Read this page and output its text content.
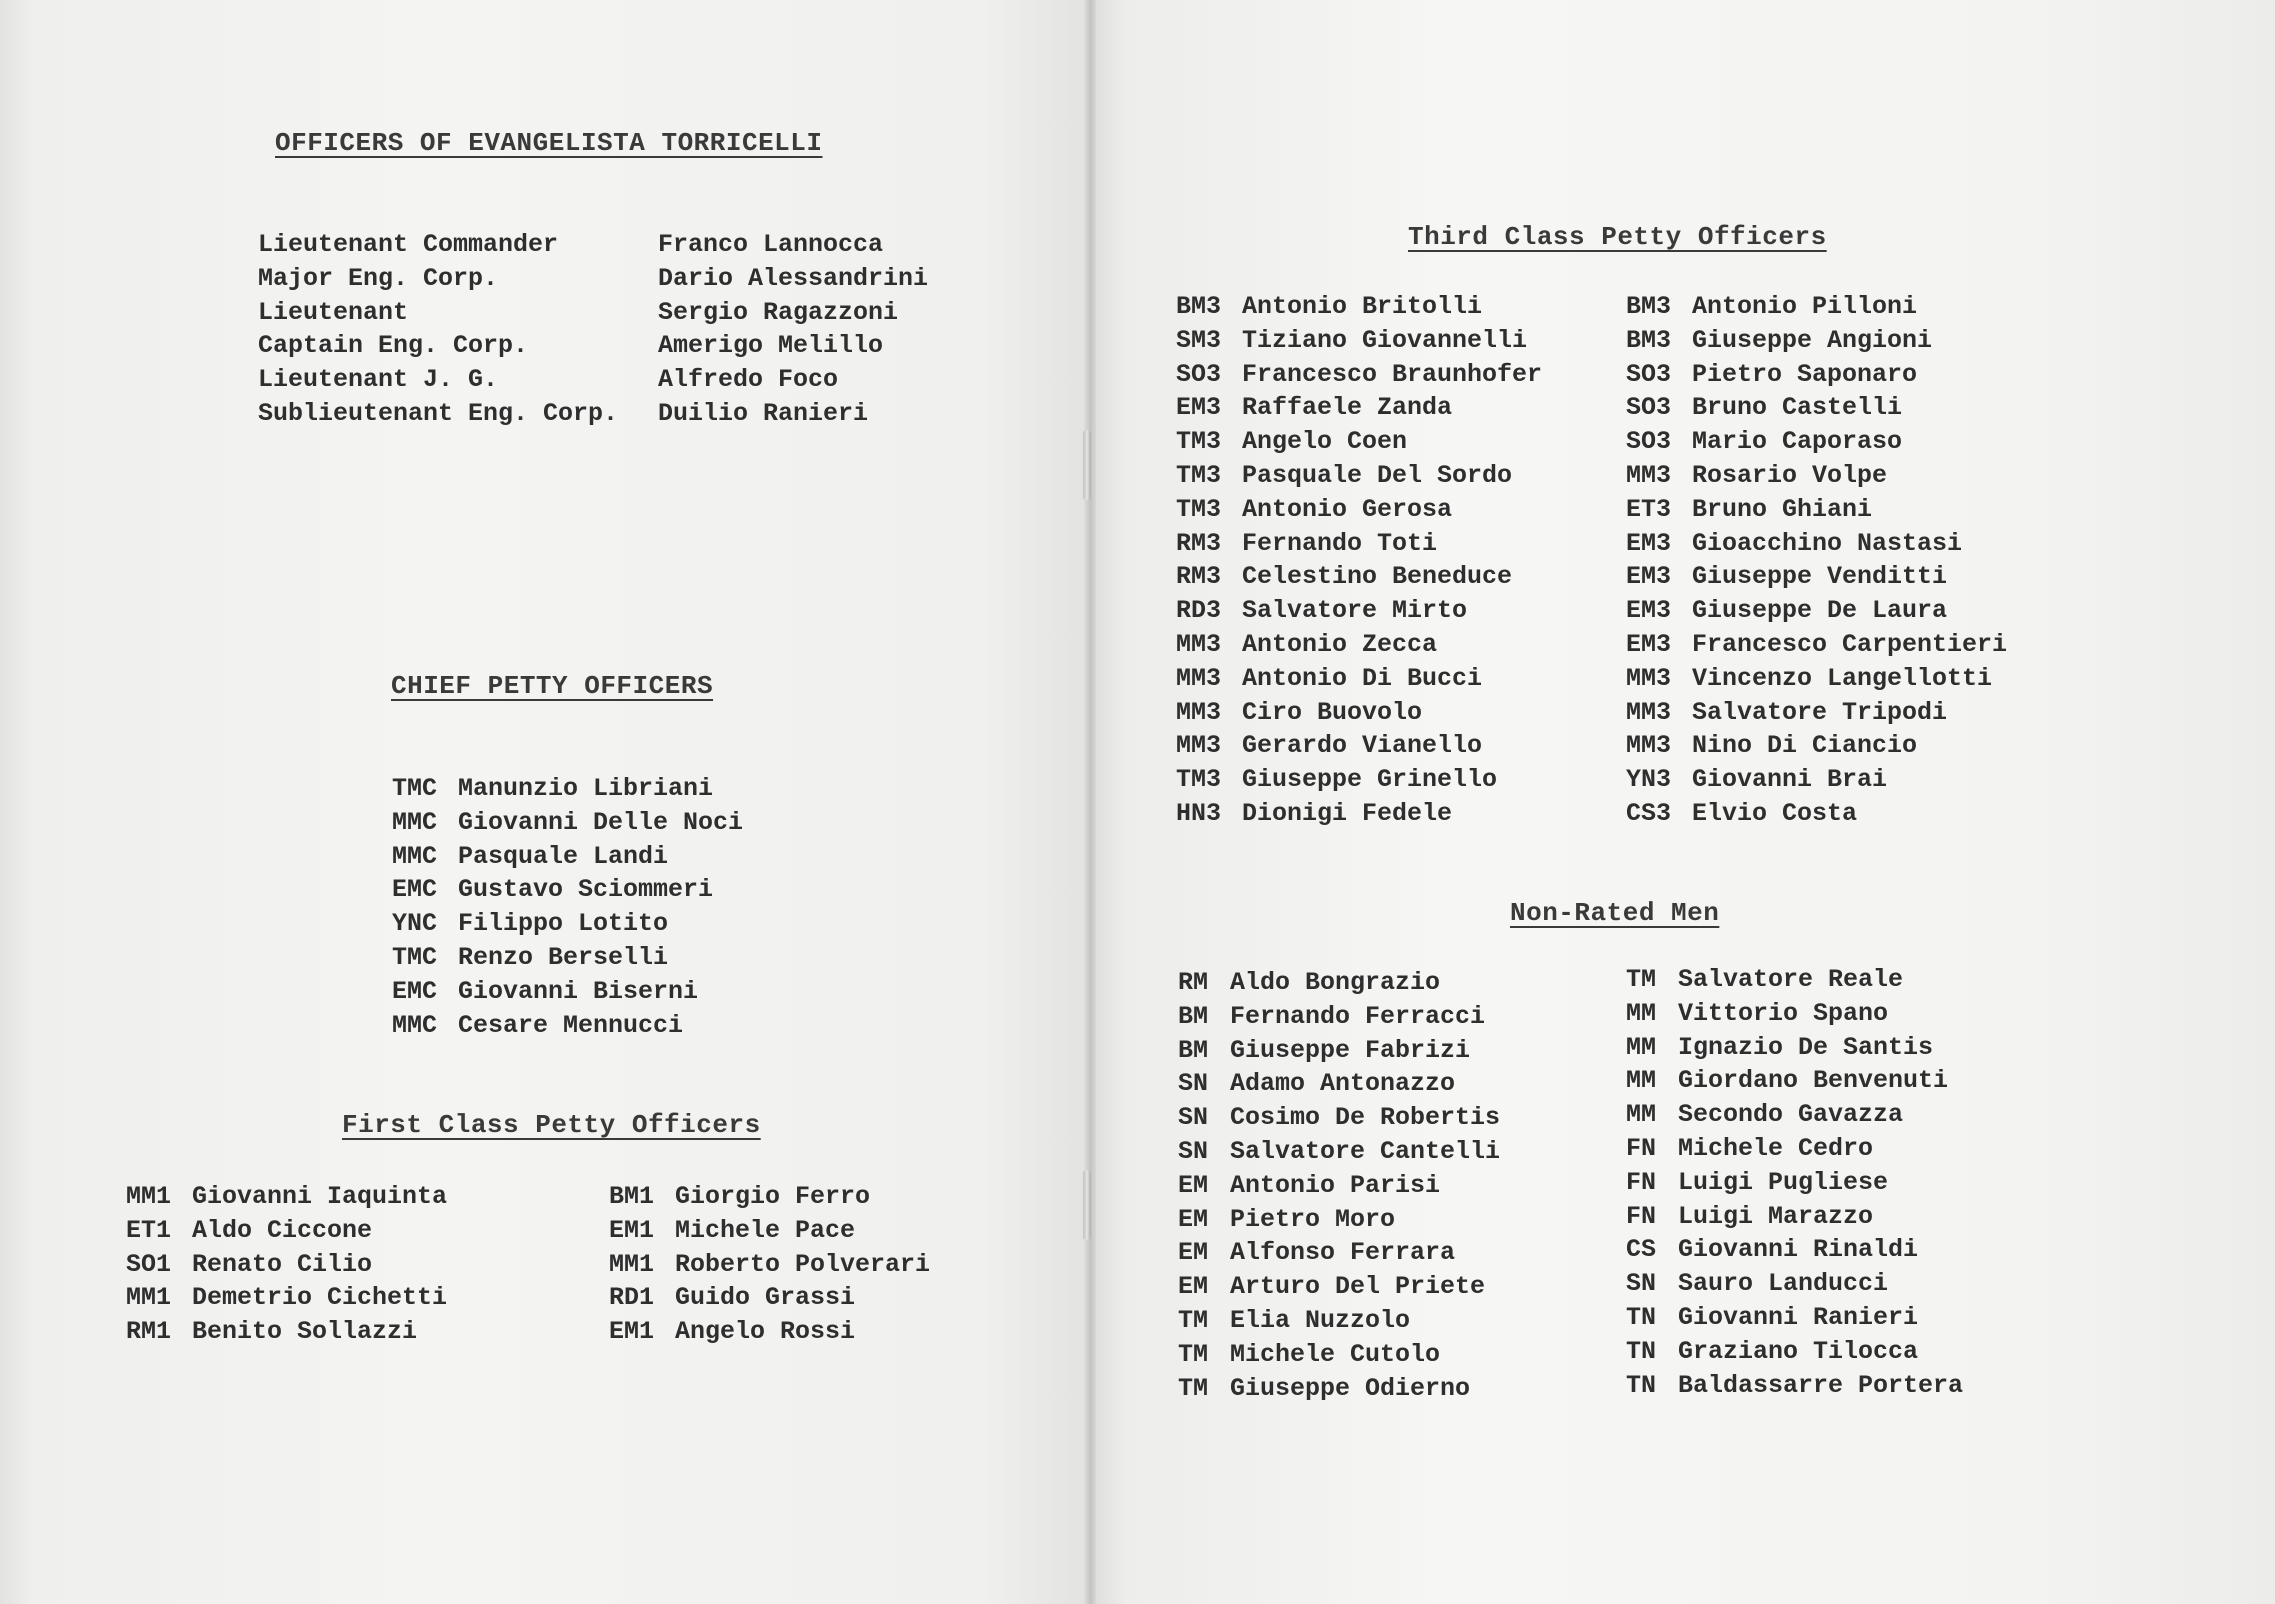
OFFICERS OF EVANGELISTA TORRICELLI
Lieutenant Commander
Major Eng. Corp.
Lieutenant
Captain Eng. Corp.
Lieutenant J. G.
Sublieutenant Eng. Corp.
Franco Lannocca
Dario Alessandrini
Sergio Ragazzoni
Amerigo Melillo
Alfredo Foco
Duilio Ranieri
CHIEF PETTY OFFICERS
TMC Manunzio Libriani
MMC Giovanni Delle Noci
MMC Pasquale Landi
EMC Gustavo Sciommeri
YNC Filippo Lotito
TMC Renzo Berselli
EMC Giovanni Biserni
MMC Cesare Mennucci
First Class Petty Officers
MM1 Giovanni Iaquinta
ET1 Aldo Ciccone
SO1 Renato Cilio
MM1 Demetrio Cichetti
RM1 Benito Sollazzi
BM1 Giorgio Ferro
EM1 Michele Pace
MM1 Roberto Polverari
RD1 Guido Grassi
EM1 Angelo Rossi
Third Class Petty Officers
BM3 Antonio Britolli
SM3 Tiziano Giovannelli
SO3 Francesco Braunhofer
EM3 Raffaele Zanda
TM3 Angelo Coen
TM3 Pasquale Del Sordo
TM3 Antonio Gerosa
RM3 Fernando Toti
RM3 Celestino Beneduce
RD3 Salvatore Mirto
MM3 Antonio Zecca
MM3 Antonio Di Bucci
MM3 Ciro Buovolo
MM3 Gerardo Vianello
TM3 Giuseppe Grinello
HN3 Dionigi Fedele
BM3 Antonio Pilloni
BM3 Giuseppe Angioni
SO3 Pietro Saponaro
SO3 Bruno Castelli
SO3 Mario Caporaso
MM3 Rosario Volpe
ET3 Bruno Ghiani
EM3 Gioacchino Nastasi
EM3 Giuseppe Venditti
EM3 Giuseppe De Laura
EM3 Francesco Carpentieri
MM3 Vincenzo Langellotti
MM3 Salvatore Tripodi
MM3 Nino Di Ciancio
YN3 Giovanni Brai
CS3 Elvio Costa
Non-Rated Men
RM Aldo Bongrazio
BM Fernando Ferracci
BM Giuseppe Fabrizi
SN Adamo Antonazzo
SN Cosimo De Robertis
SN Salvatore Cantelli
EM Antonio Parisi
EM Pietro Moro
EM Alfonso Ferrara
EM Arturo Del Priete
TM Elia Nuzzolo
TM Michele Cutolo
TM Giuseppe Odierno
TM Salvatore Reale
MM Vittorio Spano
MM Ignazio De Santis
MM Giordano Benvenuti
MM Secondo Gavazza
FN Michele Cedro
FN Luigi Pugliese
FN Luigi Marazzo
CS Giovanni Rinaldi
SN Sauro Landucci
TN Giovanni Ranieri
TN Graziano Tilocca
TN Baldassarre Portera
